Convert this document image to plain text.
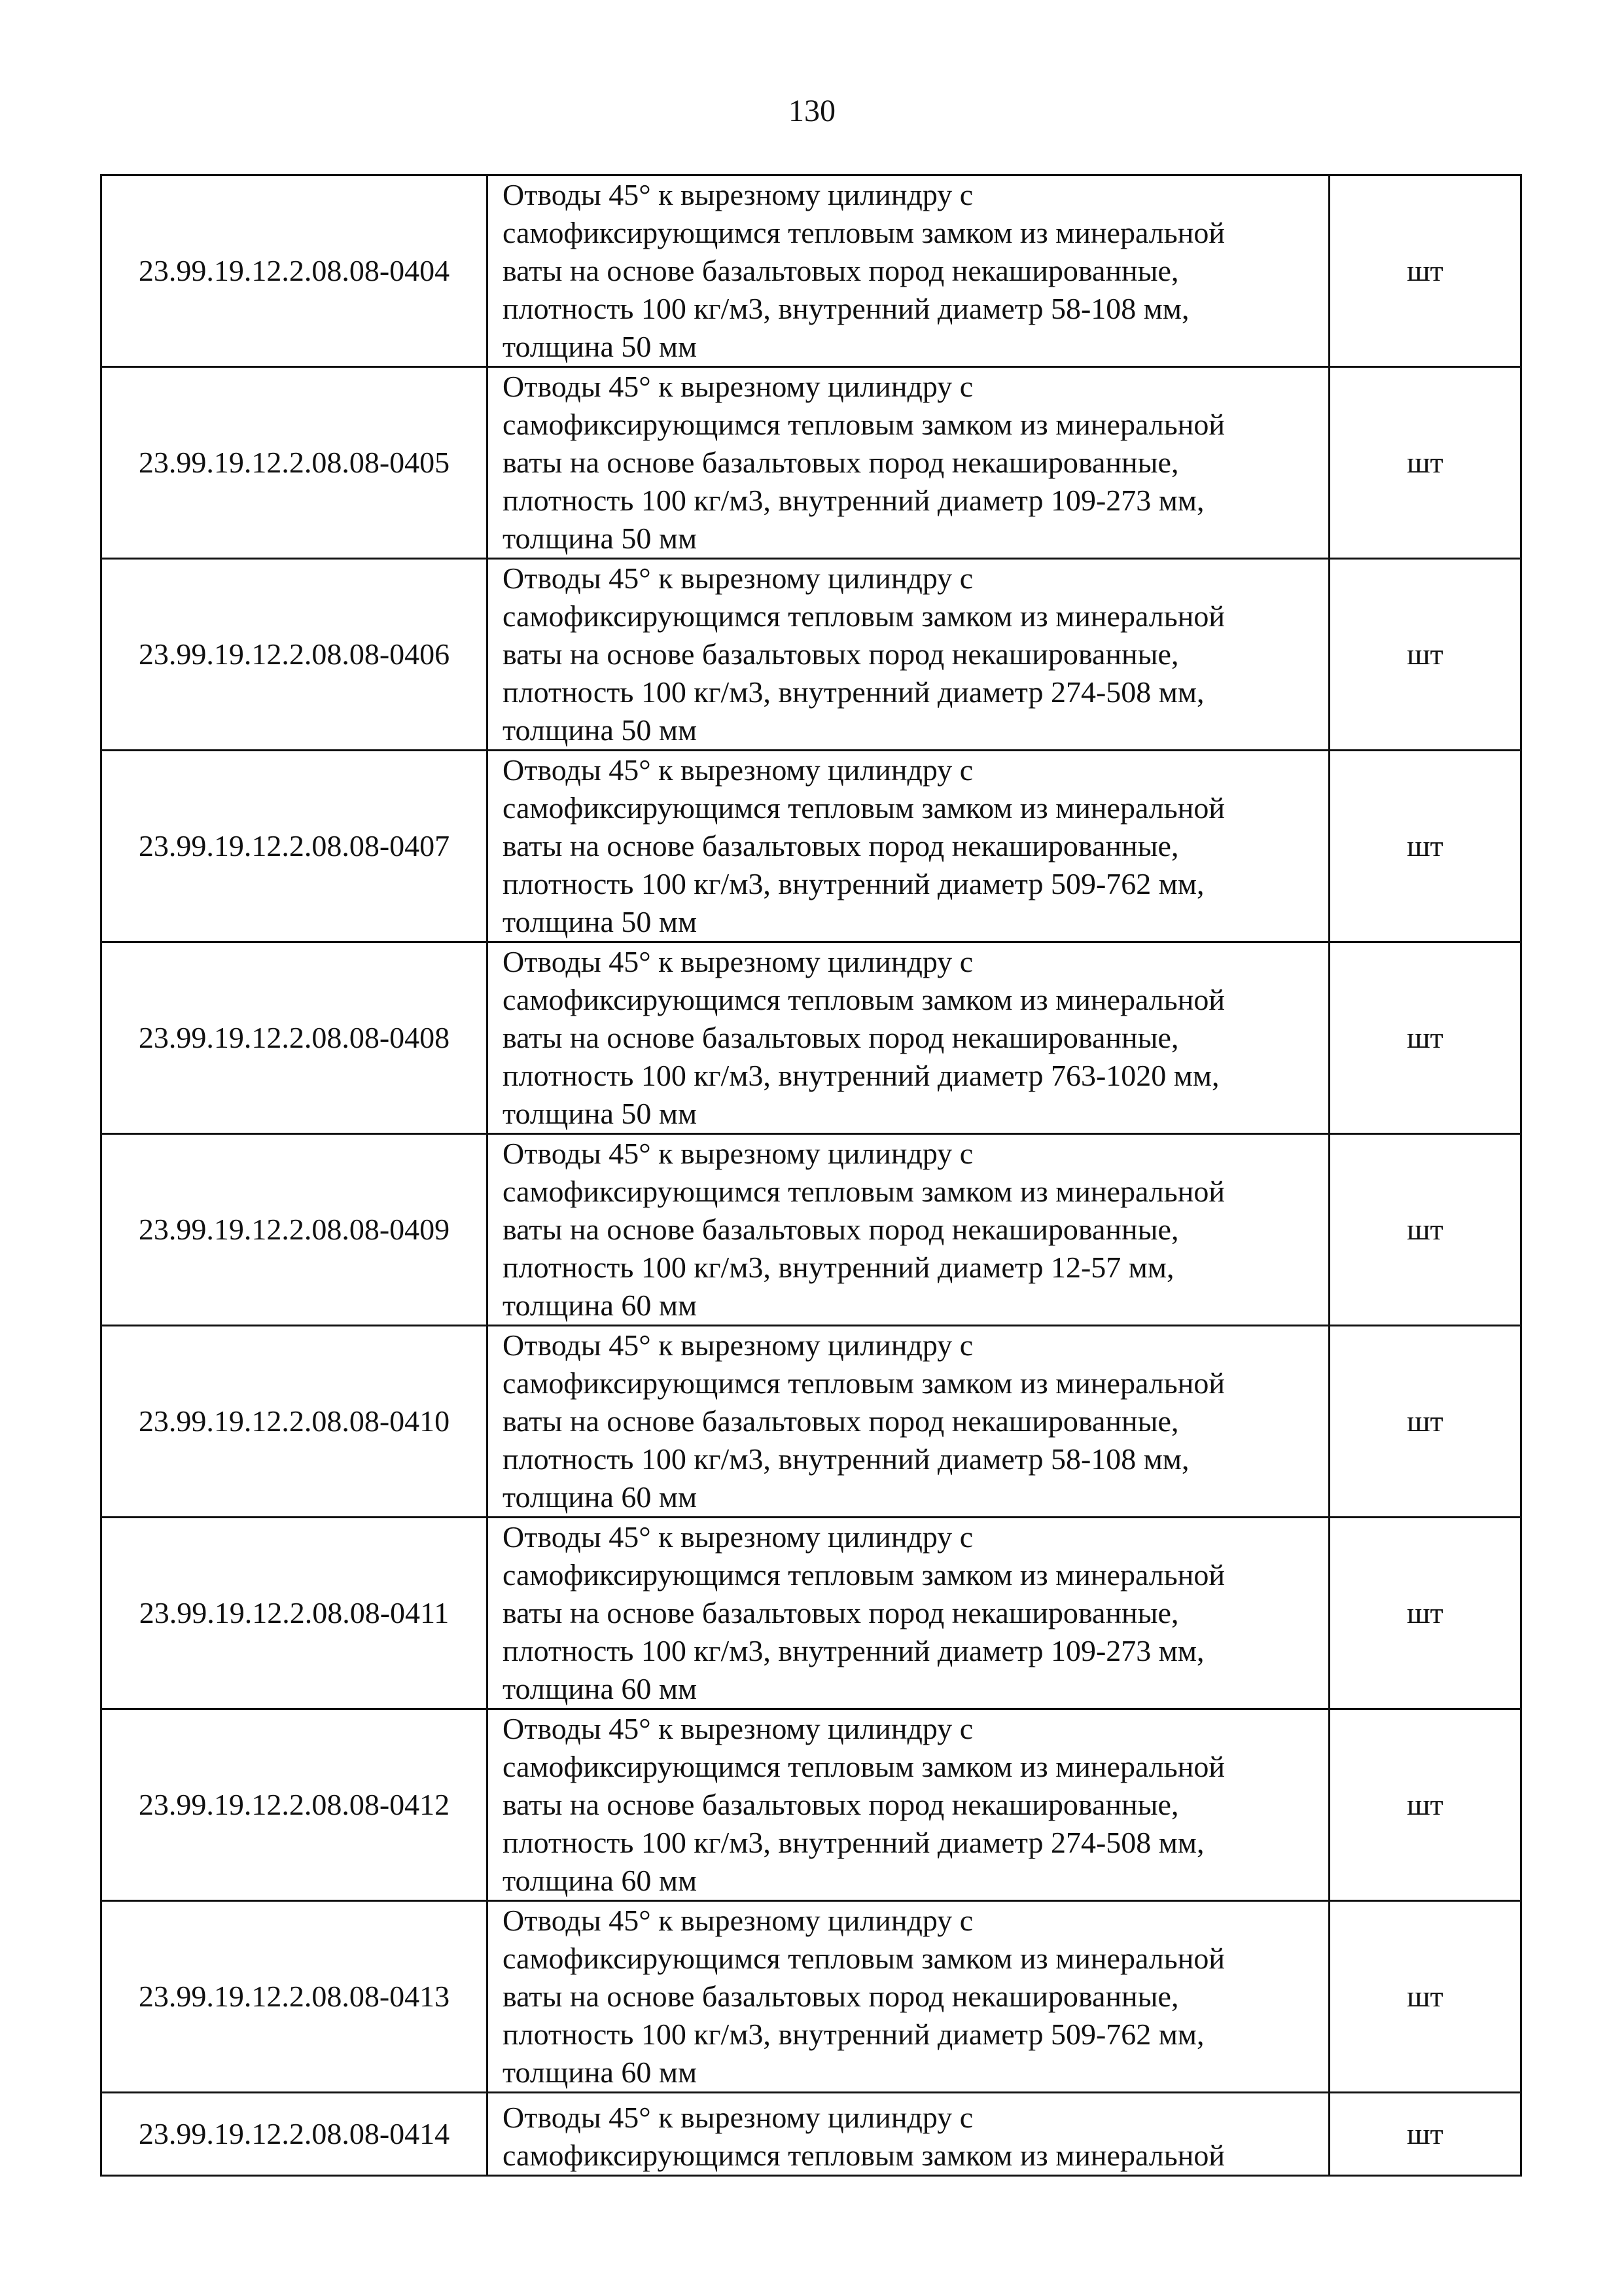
130
23.99.19.12.2.08.08-0404	Отводы 45° к вырезному цилиндру с
самофиксирующимся тепловым замком из минеральной
ваты на основе базальтовых пород некашированные,
плотность 100 кг/м3, внутренний диаметр 58-108 мм,
толщина 50 мм	шт
23.99.19.12.2.08.08-0405	Отводы 45° к вырезному цилиндру с
самофиксирующимся тепловым замком из минеральной
ваты на основе базальтовых пород некашированные,
плотность 100 кг/м3, внутренний диаметр 109-273 мм,
толщина 50 мм	шт
23.99.19.12.2.08.08-0406	Отводы 45° к вырезному цилиндру с
самофиксирующимся тепловым замком из минеральной
ваты на основе базальтовых пород некашированные,
плотность 100 кг/м3, внутренний диаметр 274-508 мм,
толщина 50 мм	шт
23.99.19.12.2.08.08-0407	Отводы 45° к вырезному цилиндру с
самофиксирующимся тепловым замком из минеральной
ваты на основе базальтовых пород некашированные,
плотность 100 кг/м3, внутренний диаметр 509-762 мм,
толщина 50 мм	шт
23.99.19.12.2.08.08-0408	Отводы 45° к вырезному цилиндру с
самофиксирующимся тепловым замком из минеральной
ваты на основе базальтовых пород некашированные,
плотность 100 кг/м3, внутренний диаметр 763-1020 мм,
толщина 50 мм	шт
23.99.19.12.2.08.08-0409	Отводы 45° к вырезному цилиндру с
самофиксирующимся тепловым замком из минеральной
ваты на основе базальтовых пород некашированные,
плотность 100 кг/м3, внутренний диаметр 12-57 мм,
толщина 60 мм	шт
23.99.19.12.2.08.08-0410	Отводы 45° к вырезному цилиндру с
самофиксирующимся тепловым замком из минеральной
ваты на основе базальтовых пород некашированные,
плотность 100 кг/м3, внутренний диаметр 58-108 мм,
толщина 60 мм	шт
23.99.19.12.2.08.08-0411	Отводы 45° к вырезному цилиндру с
самофиксирующимся тепловым замком из минеральной
ваты на основе базальтовых пород некашированные,
плотность 100 кг/м3, внутренний диаметр 109-273 мм,
толщина 60 мм	шт
23.99.19.12.2.08.08-0412	Отводы 45° к вырезному цилиндру с
самофиксирующимся тепловым замком из минеральной
ваты на основе базальтовых пород некашированные,
плотность 100 кг/м3, внутренний диаметр 274-508 мм,
толщина 60 мм	шт
23.99.19.12.2.08.08-0413	Отводы 45° к вырезному цилиндру с
самофиксирующимся тепловым замком из минеральной
ваты на основе базальтовых пород некашированные,
плотность 100 кг/м3, внутренний диаметр 509-762 мм,
толщина 60 мм	шт
23.99.19.12.2.08.08-0414	Отводы 45° к вырезному цилиндру с
самофиксирующимся тепловым замком из минеральной	шт
